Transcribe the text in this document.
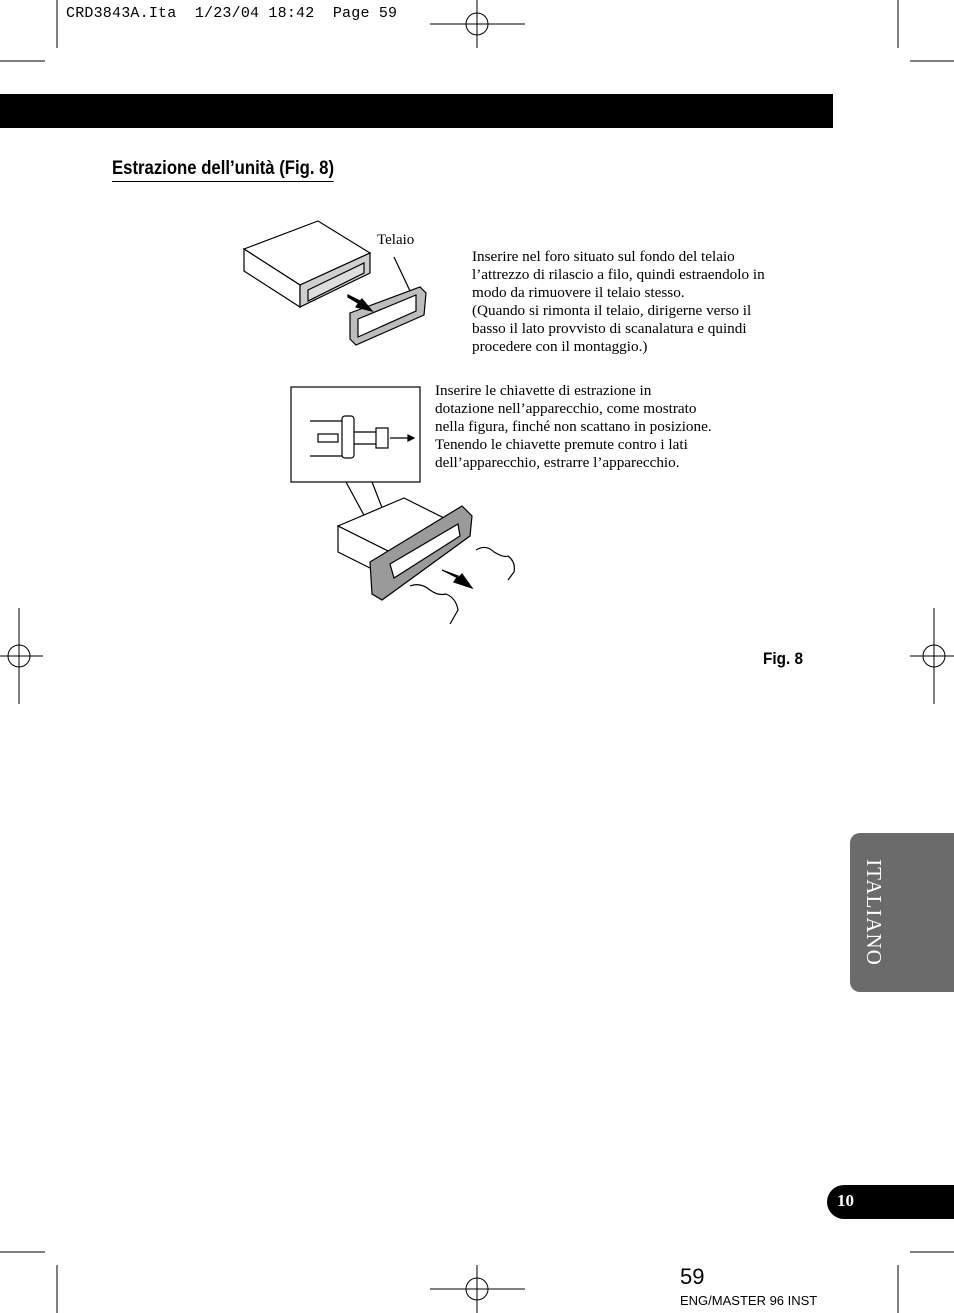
CRD3843A.Ita  1/23/04 18:42  Page 59
Estrazione dell’unità (Fig. 8)
Telaio
Inserire nel foro situato sul fondo del telaio
l’attrezzo di rilascio a filo, quindi estraendolo in
modo da rimuovere il telaio stesso.
(Quando si rimonta il telaio, dirigerne verso il
basso il lato provvisto di scanalatura e quindi
procedere con il montaggio.)
Inserire le chiavette di estrazione in
dotazione nell’apparecchio, come mostrato
nella figura, finché non scattano in posizione.
Tenendo le chiavette premute contro i lati
dell’apparecchio, estrarre l’apparecchio.
Fig. 8
ITALIANO
10
59
ENG/MASTER 96 INST
